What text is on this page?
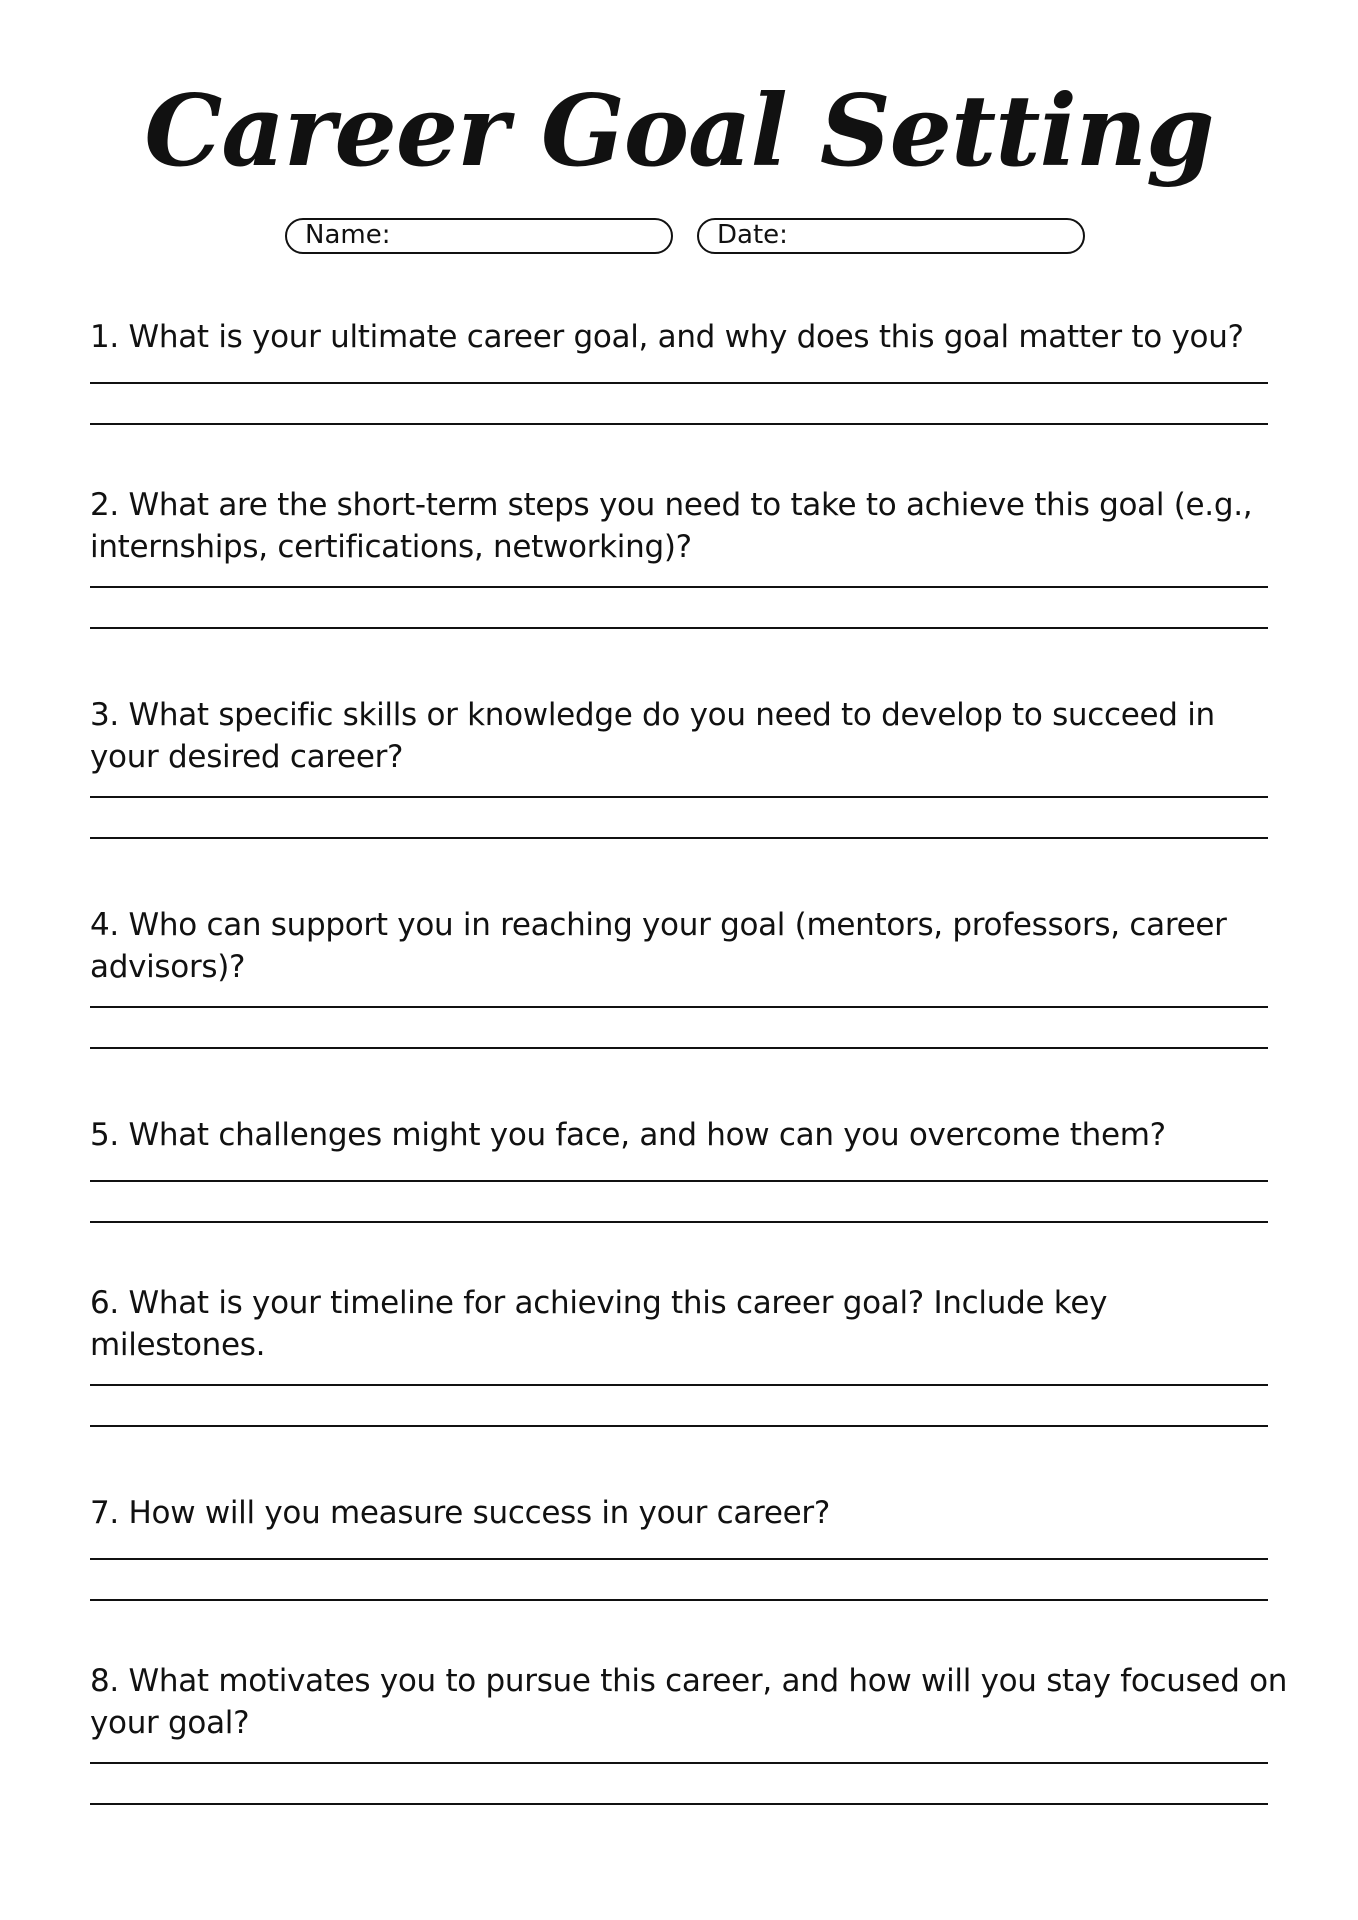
Career Goal Setting
Name:	Date:

1. What is your ultimate career goal, and why does this goal matter to you?

2. What are the short-term steps you need to take to achieve this goal (e.g., internships, certifications, networking)?

3. What specific skills or knowledge do you need to develop to succeed in your desired career?

4. Who can support you in reaching your goal (mentors, professors, career advisors)?

5. What challenges might you face, and how can you overcome them?

6. What is your timeline for achieving this career goal? Include key milestones.

7. How will you measure success in your career?

8. What motivates you to pursue this career, and how will you stay focused on your goal?
